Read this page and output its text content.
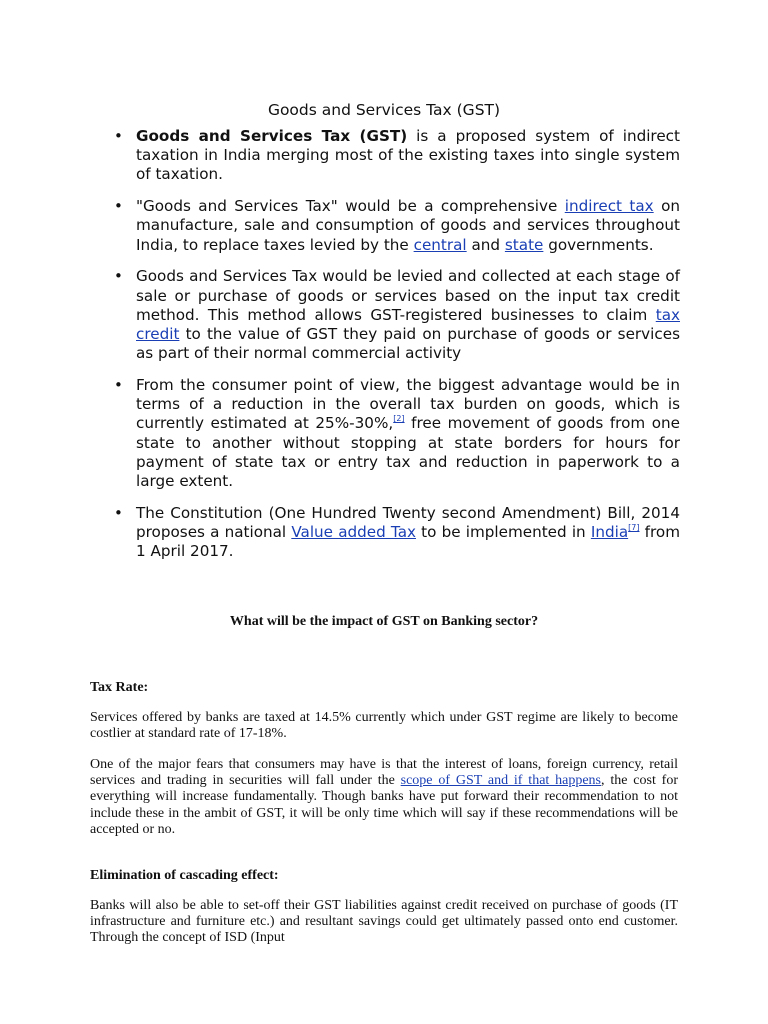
Goods and Services Tax (GST)
• Goods and Services Tax (GST) is a proposed system of indirect taxation in India merging most of the existing taxes into single system of taxation.
• "Goods and Services Tax" would be a comprehensive indirect tax on manufacture, sale and consumption of goods and services throughout India, to replace taxes levied by the central and state governments.
• Goods and Services Tax would be levied and collected at each stage of sale or purchase of goods or services based on the input tax credit method. This method allows GST-registered businesses to claim tax credit to the value of GST they paid on purchase of goods or services as part of their normal commercial activity
• From the consumer point of view, the biggest advantage would be in terms of a reduction in the overall tax burden on goods, which is currently estimated at 25%-30%,[2] free movement of goods from one state to another without stopping at state borders for hours for payment of state tax or entry tax and reduction in paperwork to a large extent.
• The Constitution (One Hundred Twenty second Amendment) Bill, 2014 proposes a national Value added Tax to be implemented in India[7] from 1 April 2017.
What will be the impact of GST on Banking sector?
Tax Rate:

Services offered by banks are taxed at 14.5% currently which under GST regime are likely to become costlier at standard rate of 17-18%.

One of the major fears that consumers may have is that the interest of loans, foreign currency, retail services and trading in securities will fall under the scope of GST and if that happens, the cost for everything will increase fundamentally. Though banks have put forward their recommendation to not include these in the ambit of GST, it will be only time which will say if these recommendations will be accepted or no.

Elimination of cascading effect:

Banks will also be able to set-off their GST liabilities against credit received on purchase of goods (IT infrastructure and furniture etc.) and resultant savings could get ultimately passed onto end customer. Through the concept of ISD (Input
